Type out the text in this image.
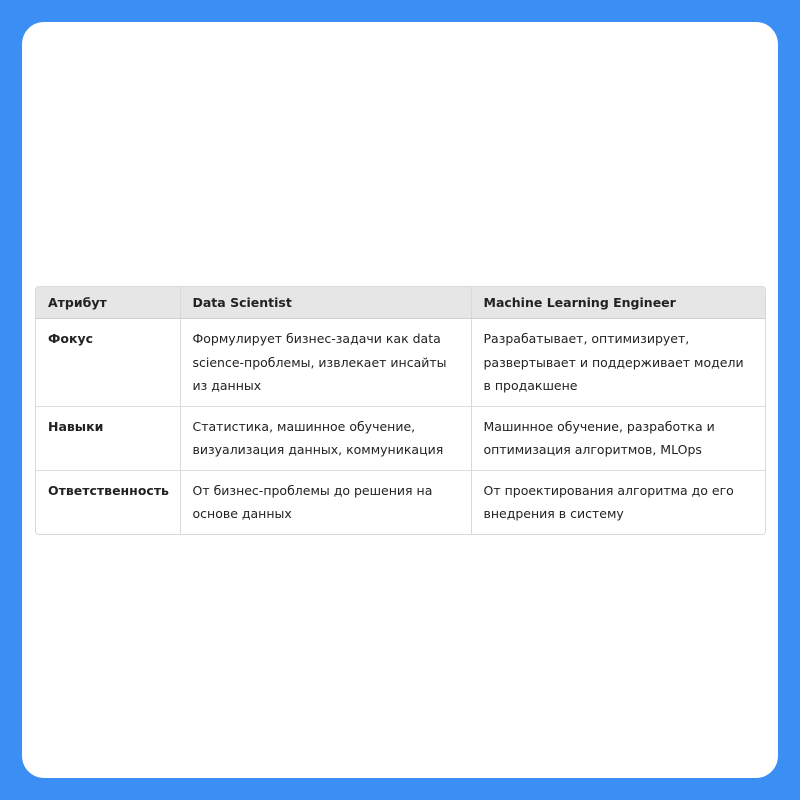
Атрибут	Data Scientist	Machine Learning Engineer
Фокус	Формулирует бизнес-задачи как data science-проблемы, извлекает инсайты из данных	Разрабатывает, оптимизирует, развертывает и поддерживает модели в продакшене
Навыки	Статистика, машинное обучение, визуализация данных, коммуникация	Машинное обучение, разработка и оптимизация алгоритмов, MLOps
Ответственность	От бизнес-проблемы до решения на основе данных	От проектирования алгоритма до его внедрения в систему
